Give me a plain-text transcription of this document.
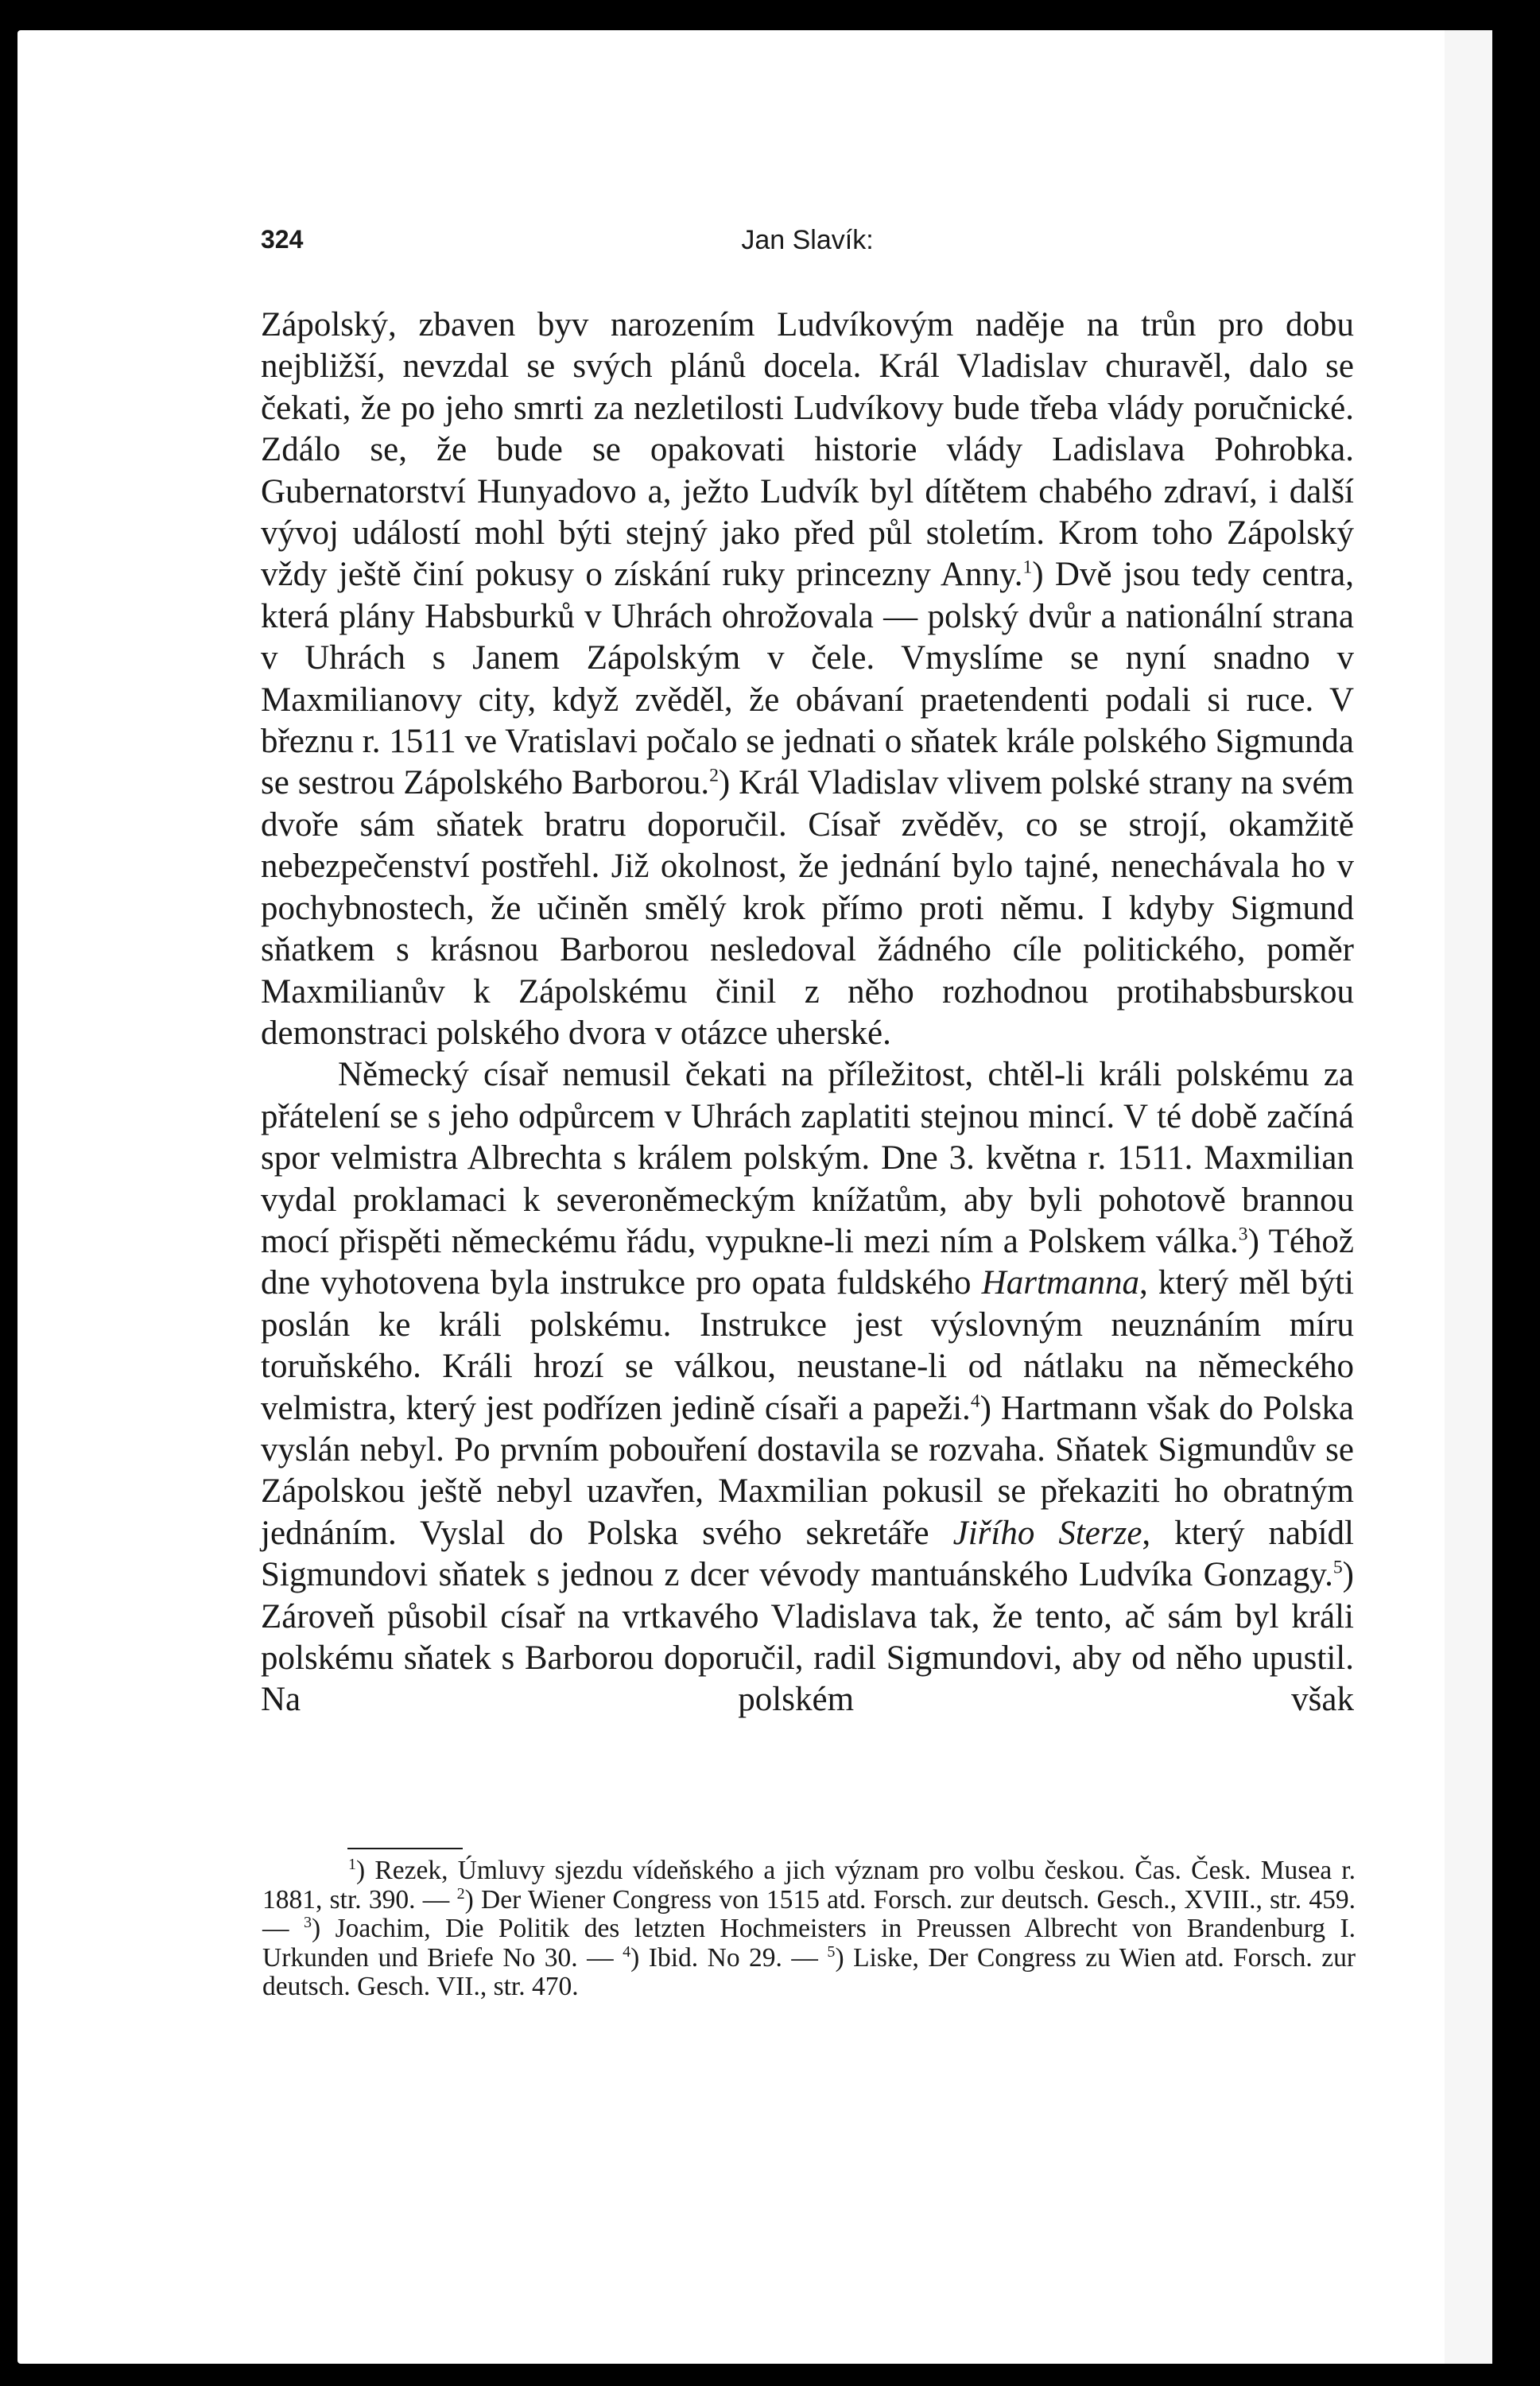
324	Jan Slavík:

Zápolský, zbaven byv narozením Ludvíkovým naděje na trůn pro dobu nejbližší, nevzdal se svých plánů docela. Král Vladislav churavěl, dalo se čekati, že po jeho smrti za nezletilosti Ludvíkovy bude třeba vlády poručnické. Zdálo se, že bude se opakovati historie vlády Ladislava Pohrobka. Gubernatorství Hunyadovo a, ježto Ludvík byl dítětem chabého zdraví, i další vývoj událostí mohl býti stejný jako před půl stoletím. Krom toho Zápolský vždy ještě činí pokusy o získání ruky princezny Anny.$^1$) Dvě jsou tedy centra, která plány Habsburků v Uhrách ohrožovala — polský dvůr a nationální strana v Uhrách s Janem Zápolským v čele. Vmyslíme se nyní snadno v Maxmilianovy city, když zvěděl, že obávaní praetendenti podali si ruce. V březnu r. 1511 ve Vratislavi počalo se jednati o sňatek krále polského Sigmunda se sestrou Zápolského Barborou.$^2$) Král Vladislav vlivem polské strany na svém dvoře sám sňatek bratru doporučil. Císař zvěděv, co se strojí, okamžitě nebezpečenství postřehl. Již okolnost, že jednání bylo tajné, nenechávala ho v pochybnostech, že učiněn smělý krok přímo proti němu. I kdyby Sigmund sňatkem s krásnou Barborou nesledoval žádného cíle politického, poměr Maxmilianův k Zápolskému činil z něho rozhodnou protihabsburskou demonstraci polského dvora v otázce uherské.

Německý císař nemusil čekati na příležitost, chtěl-li králi polskému za přátelení se s jeho odpůrcem v Uhrách zaplatiti stejnou mincí. V té době začíná spor velmistra Albrechta s králem polským. Dne 3. května r. 1511. Maxmilian vydal proklamaci k severoněmeckým knížatům, aby byli pohotově brannou mocí přispěti německému řádu, vypukne-li mezi ním a Polskem válka.$^3$) Téhož dne vyhotovena byla instrukce pro opata fuldského Hartmanna, který měl býti poslán ke králi polskému. Instrukce jest výslovným neuznáním míru toruňského. Králi hrozí se válkou, neustane-li od nátlaku na německého velmistra, který jest podřízen jedině císaři a papeži.$^4$) Hartmann však do Polska vyslán nebyl. Po prvním pobouření dostavila se rozvaha. Sňatek Sigmundův se Zápolskou ještě nebyl uzavřen, Maxmilian pokusil se překaziti ho obratným jednáním. Vyslal do Polska svého sekretáře Jiřího Sterze, který nabídl Sigmundovi sňatek s jednou z dcer vévody mantuánského Ludvíka Gonzagy.$^5$) Zároveň působil císař na vrtkavého Vladislava tak, že tento, ač sám byl králi polskému sňatek s Barborou doporučil, radil Sigmundovi, aby od něho upustil. Na polském však

$^1$) Rezek, Úmluvy sjezdu vídeňského a jich význam pro volbu českou. Čas. Česk. Musea r. 1881, str. 390. — $^2$) Der Wiener Congress von 1515 atd. Forsch. zur deutsch. Gesch., XVIII., str. 459. — $^3$) Joachim, Die Politik des letzten Hochmeisters in Preussen Albrecht von Brandenburg I. Urkunden und Briefe No 30. — $^4$) Ibid. No 29. — $^5$) Liske, Der Congress zu Wien atd. Forsch. zur deutsch. Gesch. VII., str. 470.
